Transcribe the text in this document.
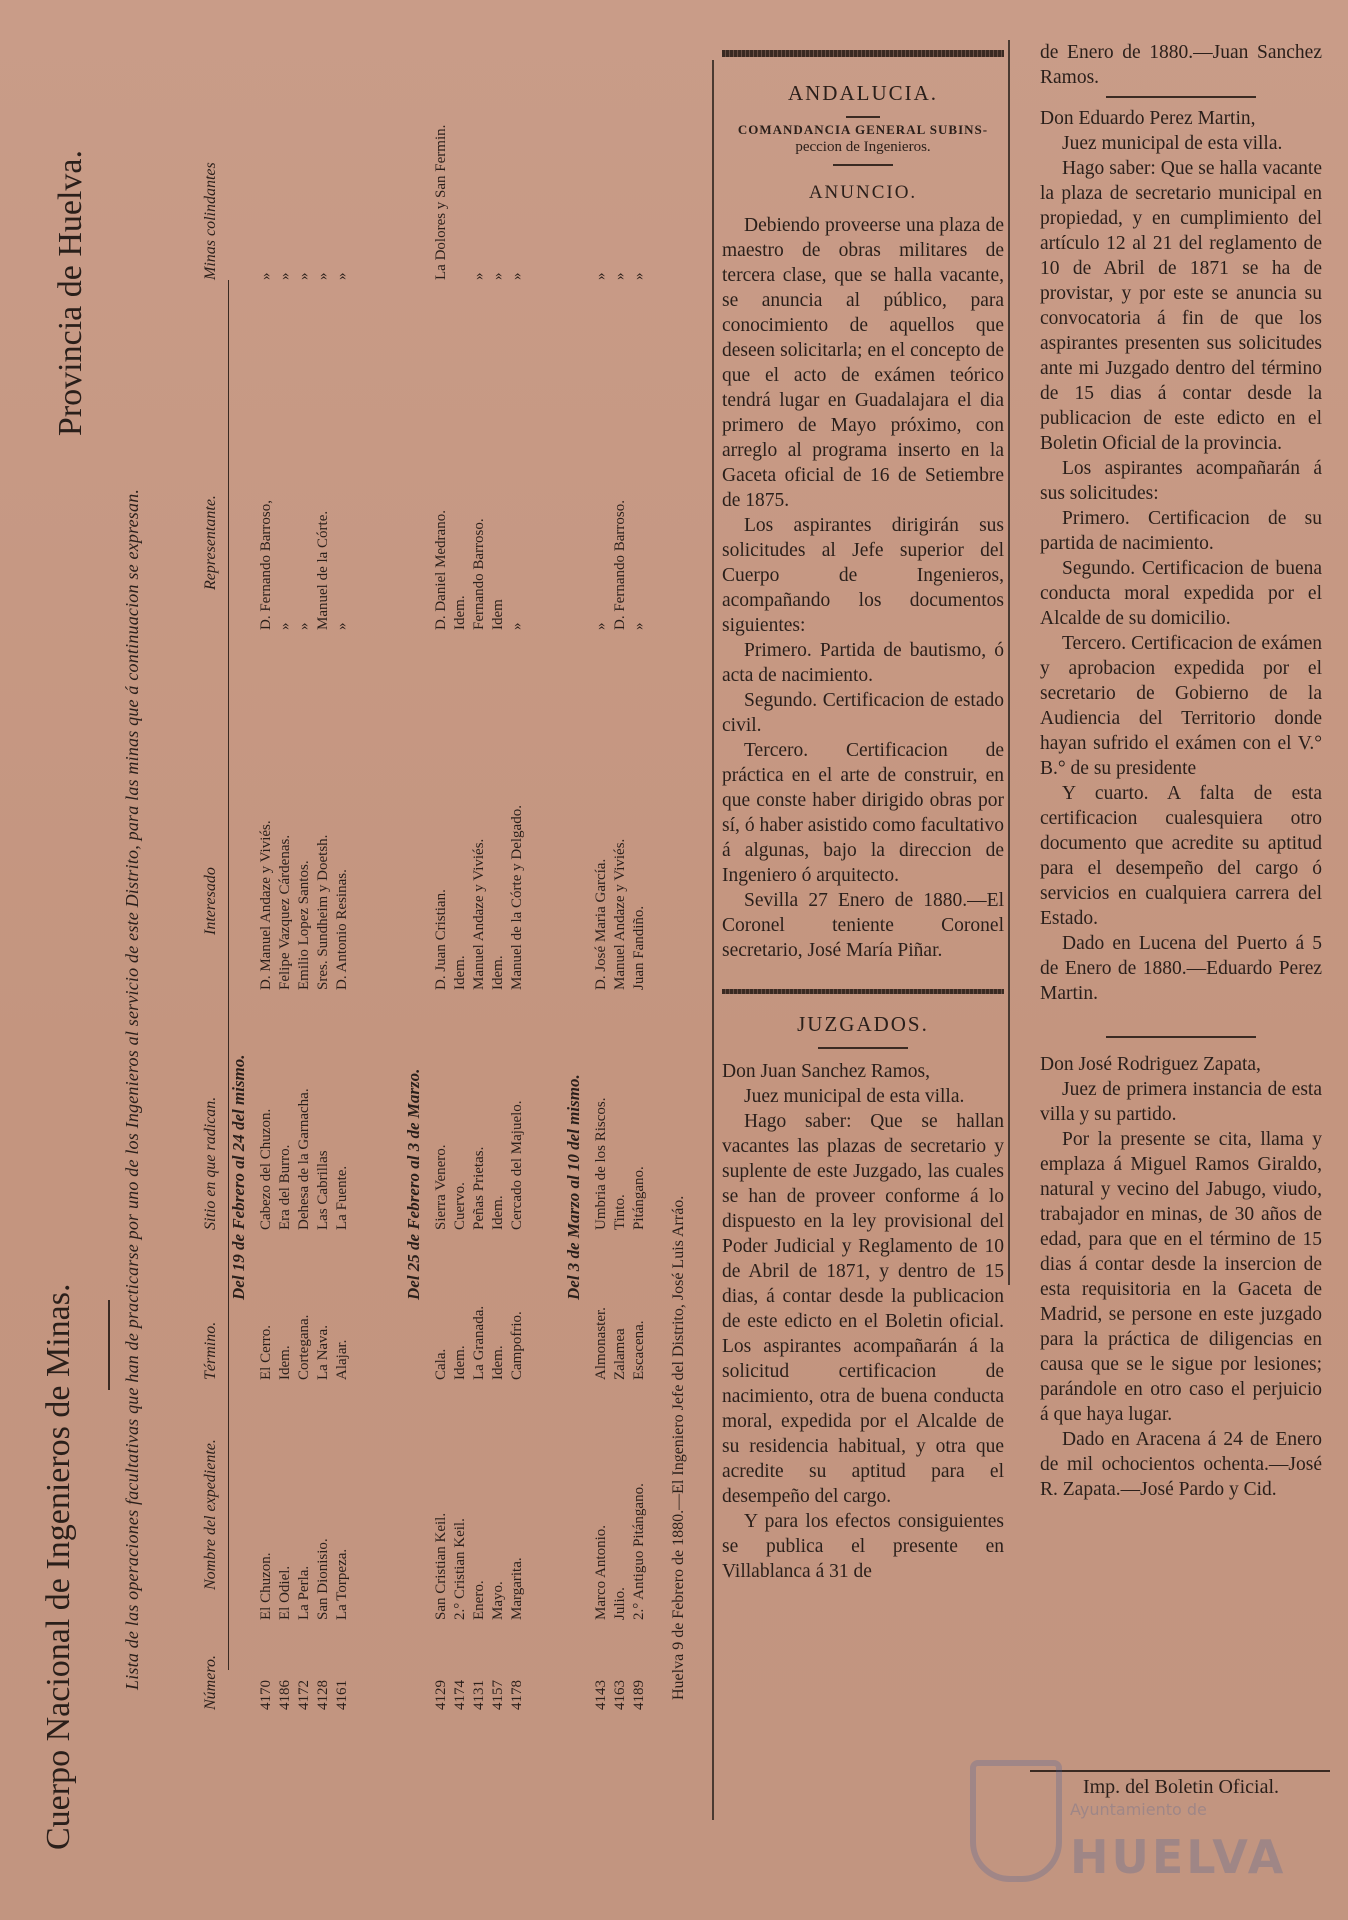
Cuerpo Nacional de Ingenieros de Minas.
Provincia de Huelva.
Lista de las operaciones facultativas que han de practicarse por uno de los Ingenieros al servicio de este Distrito, para las minas que á continuacion se expresan.	Número.
Nombre del expediente.
Término.
Sitio en que radican.
Interesado
Representante.
Minas colindantes
Del 19 de Febrero al 24 del mismo.
4170
El Chuzon.
El Cerro.
Cabezo del Chuzon.
D. Manuel Andaze y Viviés.
D. Fernando Barroso,
»
4186
El Odiel.
Idem.
Era del Burro.
Felipe Vazquez Cárdenas.
»
»
4172
La Perla.
Cortegana.
Dehesa de la Garnacha.
Emilio Lopez Santos.
»
»
4128
San Dionisio.
La Nava.
Las Cabrillas
Sres. Sundheim y Doetsh.
Manuel de la Córte.
»
4161
La Torpeza.
Alajar.
La Fuente.
D. Antonio Resinas.
»
»
Del 25 de Febrero al 3 de Marzo.
4129
San Cristian Keil.
Cala.
Sierra Venero.
D. Juan Cristian.
D. Daniel Medrano.
La Dolores y San Fermin.
4174
2.° Cristian Keil.
Idem.
Cuervo.
Idem.
Idem.
4131
Enero.
La Granada.
Peñas Prietas.
Manuel Andaze y Viviés.
Fernando Barroso.
»
4157
Mayo.
Idem.
Idem.
Idem.
Idem
»
4178
Margarita.
Campofrio.
Cercado del Majuelo.
Manuel de la Córte y Delgado.
»
»
Del 3 de Marzo al 10 del mismo.
4143
Marco Antonio.
Almonaster.
Umbria de los Riscos.
D. José Maria García.
»
»
4163
Julio.
Zalamea
Tinto.
Manuel Andaze y Viviés.
D. Fernando Barroso.
»
4189
2.° Antiguo Pitángano.
Escacena.
Pitángano.
Juan Fandiño.
»
»
Huelva 9 de Febrero de 1880.—El Ingeniero Jefe del Distrito, José Luis Arráo.
ANDALUCIA.
COMANDANCIA GENERAL SUBINS-
peccion de Ingenieros.
ANUNCIO.

Debiendo proveerse una plaza de maestro de obras militares de tercera clase, que se halla vacante, se anuncia al público, para conocimiento de aquellos que deseen solicitarla; en el concepto de que el acto de exámen teórico tendrá lugar en Guadalajara el dia primero de Mayo próximo, con arreglo al programa inserto en la Gaceta oficial de 16 de Setiembre de 1875.

Los aspirantes dirigirán sus solicitudes al Jefe superior del Cuerpo de Ingenieros, acompañando los documentos siguientes:

Primero. Partida de bautismo, ó acta de nacimiento.

Segundo. Certificacion de estado civil.

Tercero. Certificacion de práctica en el arte de construir, en que conste haber dirigido obras por sí, ó haber asistido como facultativo á algunas, bajo la direccion de Ingeniero ó arquitecto.

Sevilla 27 Enero de 1880.—El Coronel teniente Coronel secretario, José María Piñar.

JUZGADOS.

Don Juan Sanchez Ramos,

Juez municipal de esta villa.

Hago saber: Que se hallan vacantes las plazas de secretario y suplente de este Juzgado, las cuales se han de proveer conforme á lo dispuesto en la ley provisional del Poder Judicial y Reglamento de 10 de Abril de 1871, y dentro de 15 dias, á contar desde la publicacion de este edicto en el Boletin oficial. Los aspirantes acompañarán á la solicitud certificacion de nacimiento, otra de buena conducta moral, expedida por el Alcalde de su residencia habitual, y otra que acredite su aptitud para el desempeño del cargo.

Y para los efectos consiguientes se publica el presente en Villablanca á 31 de

de Enero de 1880.—Juan Sanchez Ramos.

Don Eduardo Perez Martin,

Juez municipal de esta villa.

Hago saber: Que se halla vacante la plaza de secretario municipal en propiedad, y en cumplimiento del artículo 12 al 21 del reglamento de 10 de Abril de 1871 se ha de provistar, y por este se anuncia su convocatoria á fin de que los aspirantes presenten sus solicitudes ante mi Juzgado dentro del término de 15 dias á contar desde la publicacion de este edicto en el Boletin Oficial de la provincia.

Los aspirantes acompañarán á sus solicitudes:

Primero. Certificacion de su partida de nacimiento.

Segundo. Certificacion de buena conducta moral expedida por el Alcalde de su domicilio.

Tercero. Certificacion de exámen y aprobacion expedida por el secretario de Gobierno de la Audiencia del Territorio donde hayan sufrido el exámen con el V.° B.° de su presidente

Y cuarto. A falta de esta certificacion cualesquiera otro documento que acredite su aptitud para el desempeño del cargo ó servicios en cualquiera carrera del Estado.

Dado en Lucena del Puerto á 5 de Enero de 1880.—Eduardo Perez Martin.

Don José Rodriguez Zapata,

Juez de primera instancia de esta villa y su partido.

Por la presente se cita, llama y emplaza á Miguel Ramos Giraldo, natural y vecino del Jabugo, viudo, trabajador en minas, de 30 años de edad, para que en el término de 15 dias á contar desde la insercion de esta requisitoria en la Gaceta de Madrid, se persone en este juzgado para la práctica de diligencias en causa que se le sigue por lesiones; parándole en otro caso el perjuicio á que haya lugar.

Dado en Aracena á 24 de Enero de mil ochocientos ochenta.—José R. Zapata.—José Pardo y Cid.

Imp. del Boletin Oficial.
Ayuntamiento de
HUELVA
